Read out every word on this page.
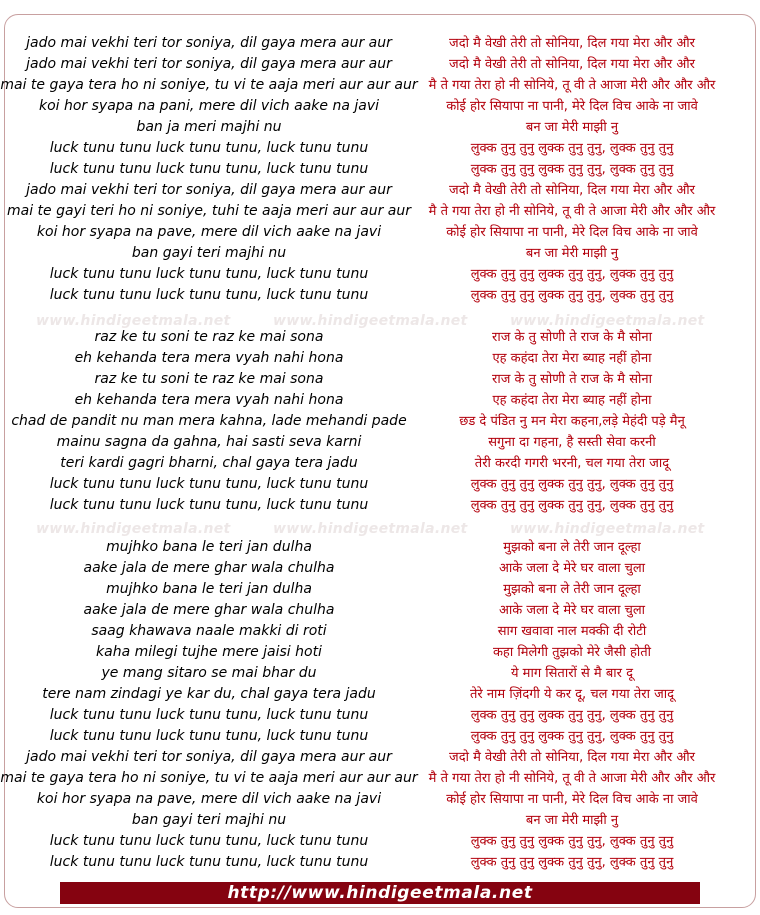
www.hindigeetmala.net	www.hindigeetmala.net	www.hindigeetmala.net
www.hindigeetmala.net	www.hindigeetmala.net	www.hindigeetmala.net
jado mai vekhi teri tor soniya, dil gaya mera aur aur
jado mai vekhi teri tor soniya, dil gaya mera aur aur
mai te gaya tera ho ni soniye, tu vi te aaja meri aur aur aur
koi hor syapa na pani, mere dil vich aake na javi
ban ja meri majhi nu
luck tunu tunu luck tunu tunu, luck tunu tunu
luck tunu tunu luck tunu tunu, luck tunu tunu
jado mai vekhi teri tor soniya, dil gaya mera aur aur
mai te gayi teri ho ni soniye, tuhi te aaja meri aur aur aur
koi hor syapa na pave, mere dil vich aake na javi
ban gayi teri majhi nu
luck tunu tunu luck tunu tunu, luck tunu tunu
luck tunu tunu luck tunu tunu, luck tunu tunu
raz ke tu soni te raz ke mai sona
eh kehanda tera mera vyah nahi hona
raz ke tu soni te raz ke mai sona
eh kehanda tera mera vyah nahi hona
chad de pandit nu man mera kahna, lade mehandi pade
mainu sagna da gahna, hai sasti seva karni
teri kardi gagri bharni, chal gaya tera jadu
luck tunu tunu luck tunu tunu, luck tunu tunu
luck tunu tunu luck tunu tunu, luck tunu tunu
mujhko bana le teri jan dulha
aake jala de mere ghar wala chulha
mujhko bana le teri jan dulha
aake jala de mere ghar wala chulha
saag khawava naale makki di roti
kaha milegi tujhe mere jaisi hoti
ye mang sitaro se mai bhar du
tere nam zindagi ye kar du, chal gaya tera jadu
luck tunu tunu luck tunu tunu, luck tunu tunu
luck tunu tunu luck tunu tunu, luck tunu tunu
jado mai vekhi teri tor soniya, dil gaya mera aur aur
mai te gaya tera ho ni soniye, tu vi te aaja meri aur aur aur
koi hor syapa na pave, mere dil vich aake na javi
ban gayi teri majhi nu
luck tunu tunu luck tunu tunu, luck tunu tunu
luck tunu tunu luck tunu tunu, luck tunu tunu
जदो मै वेखी तेरी तो सोनिया, दिल गया मेरा और और
जदो मै वेखी तेरी तो सोनिया, दिल गया मेरा और और
मै ते गया तेरा हो नी सोनिये, तू वी ते आजा मेरी और और और
कोई होर सियापा ना पानी, मेरे दिल विच आके ना जावे
बन जा मेरी माझी नु
लुक्क तुनु तुनु लुक्क तुनु तुनु, लुक्क तुनु तुनु
लुक्क तुनु तुनु लुक्क तुनु तुनु, लुक्क तुनु तुनु
जदो मै वेखी तेरी तो सोनिया, दिल गया मेरा और और
मै ते गया तेरा हो नी सोनिये, तू वी ते आजा मेरी और और और
कोई होर सियापा ना पानी, मेरे दिल विच आके ना जावे
बन जा मेरी माझी नु
लुक्क तुनु तुनु लुक्क तुनु तुनु, लुक्क तुनु तुनु
लुक्क तुनु तुनु लुक्क तुनु तुनु, लुक्क तुनु तुनु
राज के तु सोणी ते राज के मै सोना
एह कहंदा तेरा मेरा ब्याह नहीं होना
राज के तु सोणी ते राज के मै सोना
एह कहंदा तेरा मेरा ब्याह नहीं होना
छड दे पंडित नु मन मेरा कहना,लड़े मेहंदी पड़े मैनू
सगुना दा गहना, है सस्ती सेवा करनी
तेरी करदी गगरी भरनी, चल गया तेरा जादू
लुक्क तुनु तुनु लुक्क तुनु तुनु, लुक्क तुनु तुनु
लुक्क तुनु तुनु लुक्क तुनु तुनु, लुक्क तुनु तुनु
मुझको बना ले तेरी जान दूल्हा
आके जला दे मेरे घर वाला चुला
मुझको बना ले तेरी जान दूल्हा
आके जला दे मेरे घर वाला चुला
साग खवावा नाल मक्की दी रोटी
कहा मिलेगी तुझको मेरे जैसी होती
ये माग सितारों से मै बार दू
तेरे नाम ज़िंदगी ये कर दू, चल गया तेरा जादू
लुक्क तुनु तुनु लुक्क तुनु तुनु, लुक्क तुनु तुनु
लुक्क तुनु तुनु लुक्क तुनु तुनु, लुक्क तुनु तुनु
जदो मै वेखी तेरी तो सोनिया, दिल गया मेरा और और
मै ते गया तेरा हो नी सोनिये, तू वी ते आजा मेरी और और और
कोई होर सियापा ना पानी, मेरे दिल विच आके ना जावे
बन जा मेरी माझी नु
लुक्क तुनु तुनु लुक्क तुनु तुनु, लुक्क तुनु तुनु
लुक्क तुनु तुनु लुक्क तुनु तुनु, लुक्क तुनु तुनु
http://www.hindigeetmala.net
